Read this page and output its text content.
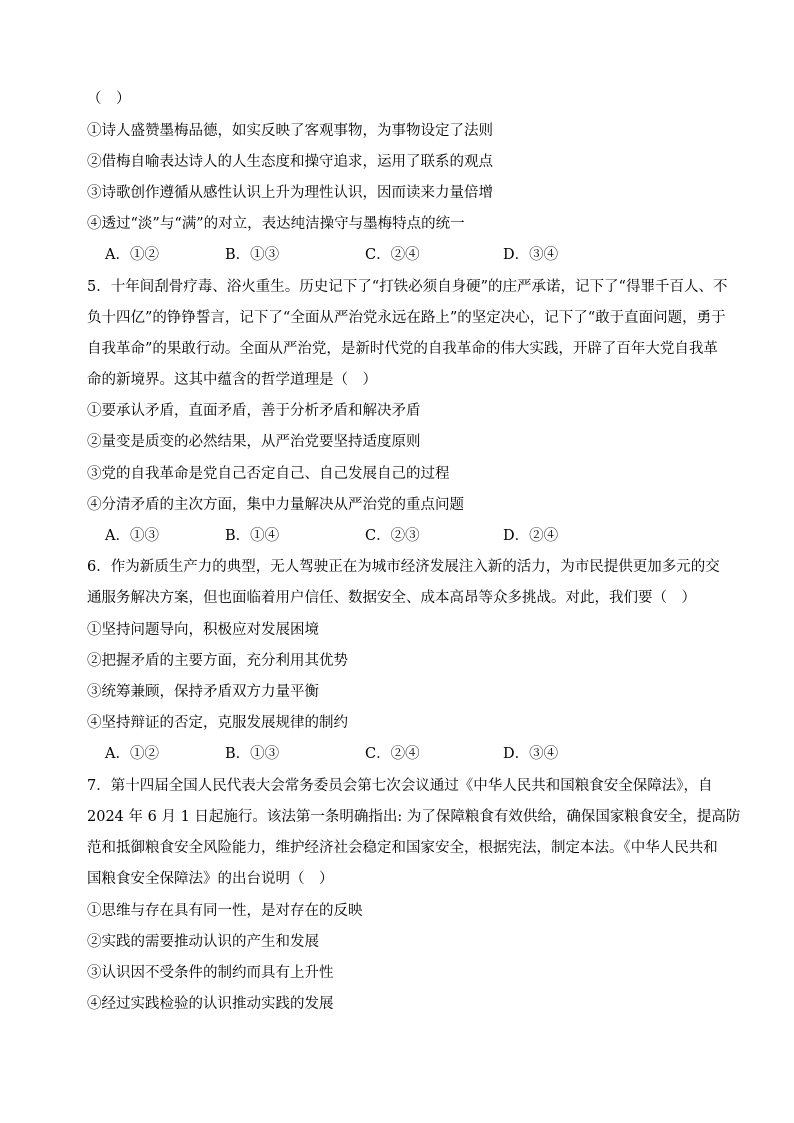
（　）
①诗人盛赞墨梅品德，如实反映了客观事物，为事物设定了法则
②借梅自喻表达诗人的人生态度和操守追求，运用了联系的观点
③诗歌创作遵循从感性认识上升为理性认识，因而读来力量倍增
④透过“淡”与“满”的对立，表达纯洁操守与墨梅特点的统一
A．①②	B．①③	C．②④	D．③④
5．十年间刮骨疗毒、浴火重生。历史记下了“打铁必须自身硬”的庄严承诺，记下了“得罪千百人、不
负十四亿”的铮铮誓言，记下了“全面从严治党永远在路上”的坚定决心，记下了“敢于直面问题，勇于
自我革命”的果敢行动。全面从严治党，是新时代党的自我革命的伟大实践，开辟了百年大党自我革
命的新境界。这其中蕴含的哲学道理是（　）
①要承认矛盾，直面矛盾，善于分析矛盾和解决矛盾
②量变是质变的必然结果，从严治党要坚持适度原则
③党的自我革命是党自己否定自己、自己发展自己的过程
④分清矛盾的主次方面，集中力量解决从严治党的重点问题
A．①③	B．①④	C．②③	D．②④
6．作为新质生产力的典型，无人驾驶正在为城市经济发展注入新的活力，为市民提供更加多元的交
通服务解决方案，但也面临着用户信任、数据安全、成本高昂等众多挑战。对此，我们要（　）
①坚持问题导向，积极应对发展困境
②把握矛盾的主要方面，充分利用其优势
③统筹兼顾，保持矛盾双方力量平衡
④坚持辩证的否定，克服发展规律的制约
A．①②	B．①③	C．②④	D．③④
7．第十四届全国人民代表大会常务委员会第七次会议通过《中华人民共和国粮食安全保障法》，自
2024 年 6 月 1 日起施行。该法第一条明确指出: 为了保障粮食有效供给，确保国家粮食安全，提高防
范和抵御粮食安全风险能力，维护经济社会稳定和国家安全，根据宪法，制定本法。《中华人民共和
国粮食安全保障法》的出台说明（　）
①思维与存在具有同一性，是对存在的反映
②实践的需要推动认识的产生和发展
③认识因不受条件的制约而具有上升性
④经过实践检验的认识推动实践的发展
